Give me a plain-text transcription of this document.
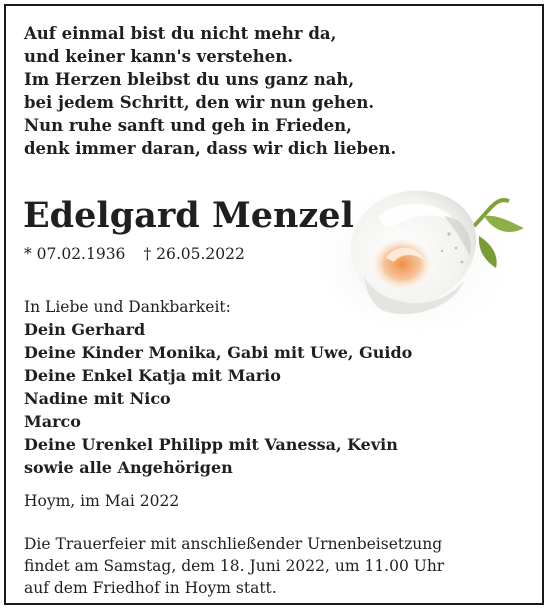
Auf einmal bist du nicht mehr da,
und keiner kann's verstehen.
Im Herzen bleibst du uns ganz nah,
bei jedem Schritt, den wir nun gehen.
Nun ruhe sanft und geh in Frieden,
denk immer daran, dass wir dich lieben.
Edelgard Menzel
* 07.02.1936 † 26.05.2022
In Liebe und Dankbarkeit:
Dein Gerhard
Deine Kinder Monika, Gabi mit Uwe, Guido
Deine Enkel Katja mit Mario
Nadine mit Nico
Marco
Deine Urenkel Philipp mit Vanessa, Kevin
sowie alle Angehörigen
Hoym, im Mai 2022
Die Trauerfeier mit anschließender Urnenbeisetzung
findet am Samstag, dem 18. Juni 2022, um 11.00 Uhr
auf dem Friedhof in Hoym statt.
